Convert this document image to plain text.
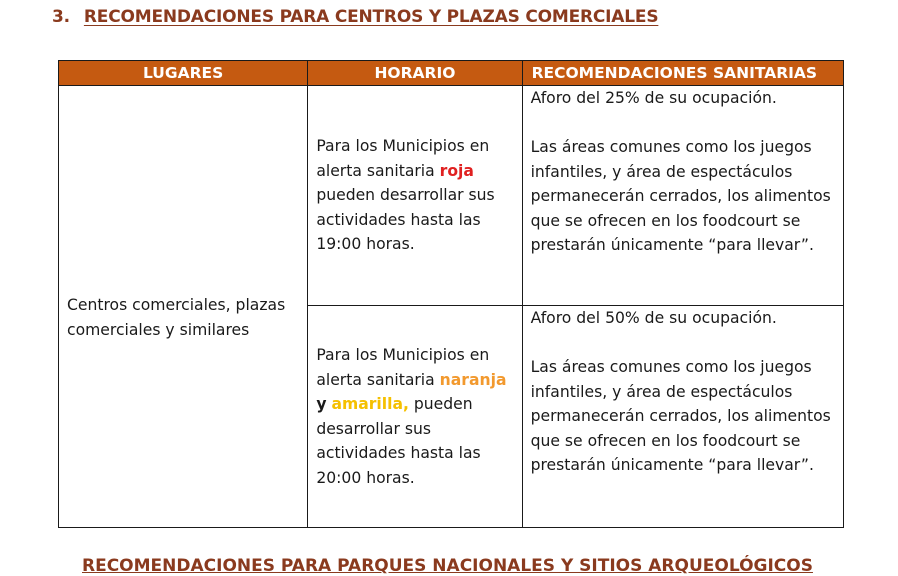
3. RECOMENDACIONES PARA CENTROS Y PLAZAS COMERCIALES
LUGARES	HORARIO	RECOMENDACIONES SANITARIAS

Centros comerciales, plazas comerciales y similares	Para los Municipios en alerta sanitaria roja pueden desarrollar sus actividades hasta las 19:00 horas.	Aforo del 25% de su ocupación.
Las áreas comunes como los juegos infantiles, y área de espectáculos permanecerán cerrados, los alimentos que se ofrecen en los foodcourt se prestarán únicamente “para llevar”.

	Para los Municipios en alerta sanitaria naranja y amarilla, pueden desarrollar sus actividades hasta las 20:00 horas.	Aforo del 50% de su ocupación.
Las áreas comunes como los juegos infantiles, y área de espectáculos permanecerán cerrados, los alimentos que se ofrecen en los foodcourt se prestarán únicamente “para llevar”.
RECOMENDACIONES PARA PARQUES NACIONALES Y SITIOS ARQUEOLÓGICOS
